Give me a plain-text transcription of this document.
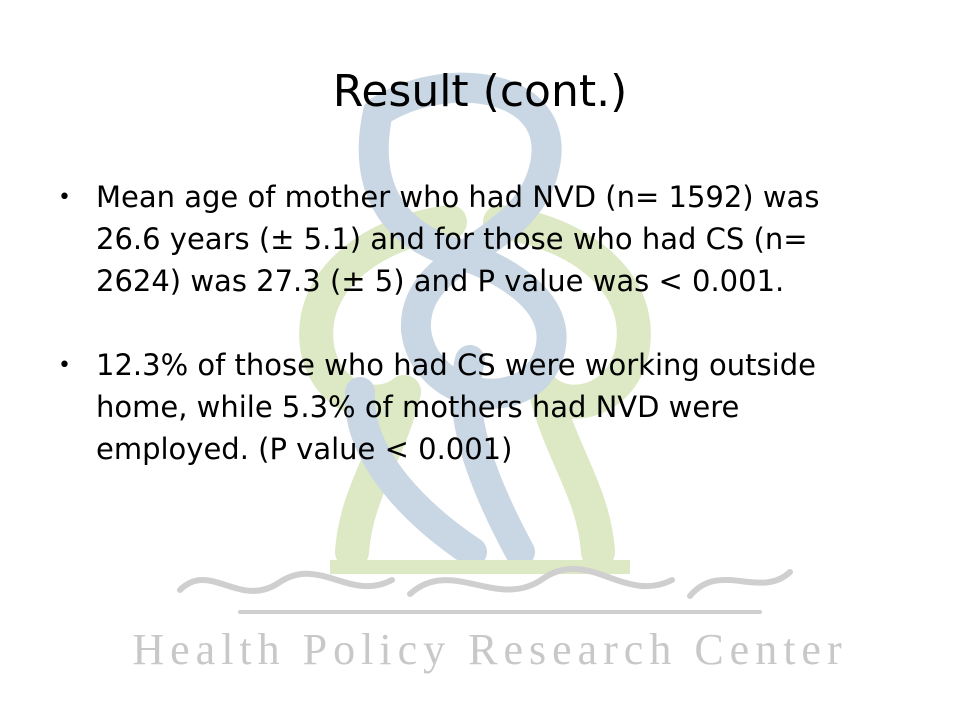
Health Policy Research Center
Result (cont.)
• Mean age of mother who had NVD (n= 1592) was 26.6 years (± 5.1) and for those who had CS (n= 2624) was 27.3 (± 5) and P value was < 0.001.
• 12.3% of those who had CS were working outside home, while 5.3% of mothers had NVD were employed. (P value < 0.001)
